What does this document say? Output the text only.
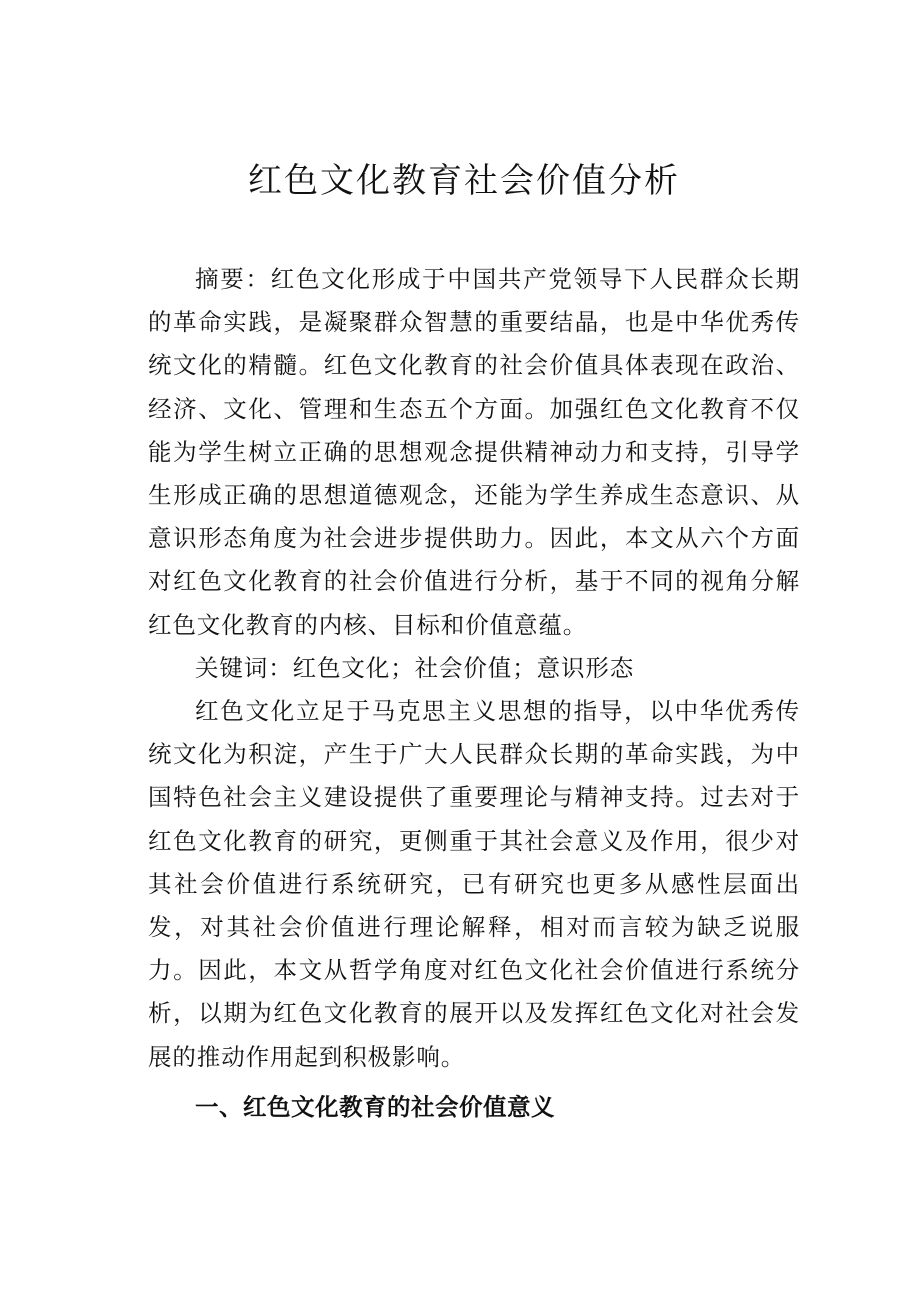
红色文化教育社会价值分析

摘要：红色文化形成于中国共产党领导下人民群众长期的革命实践，是凝聚群众智慧的重要结晶，也是中华优秀传统文化的精髓。红色文化教育的社会价值具体表现在政治、经济、文化、管理和生态五个方面。加强红色文化教育不仅能为学生树立正确的思想观念提供精神动力和支持，引导学生形成正确的思想道德观念，还能为学生养成生态意识、从意识形态角度为社会进步提供助力。因此，本文从六个方面对红色文化教育的社会价值进行分析，基于不同的视角分解红色文化教育的内核、目标和价值意蕴。

关键词：红色文化；社会价值；意识形态

红色文化立足于马克思主义思想的指导，以中华优秀传统文化为积淀，产生于广大人民群众长期的革命实践，为中国特色社会主义建设提供了重要理论与精神支持。过去对于红色文化教育的研究，更侧重于其社会意义及作用，很少对其社会价值进行系统研究，已有研究也更多从感性层面出发，对其社会价值进行理论解释，相对而言较为缺乏说服力。因此，本文从哲学角度对红色文化社会价值进行系统分析，以期为红色文化教育的展开以及发挥红色文化对社会发展的推动作用起到积极影响。

一、红色文化教育的社会价值意义
